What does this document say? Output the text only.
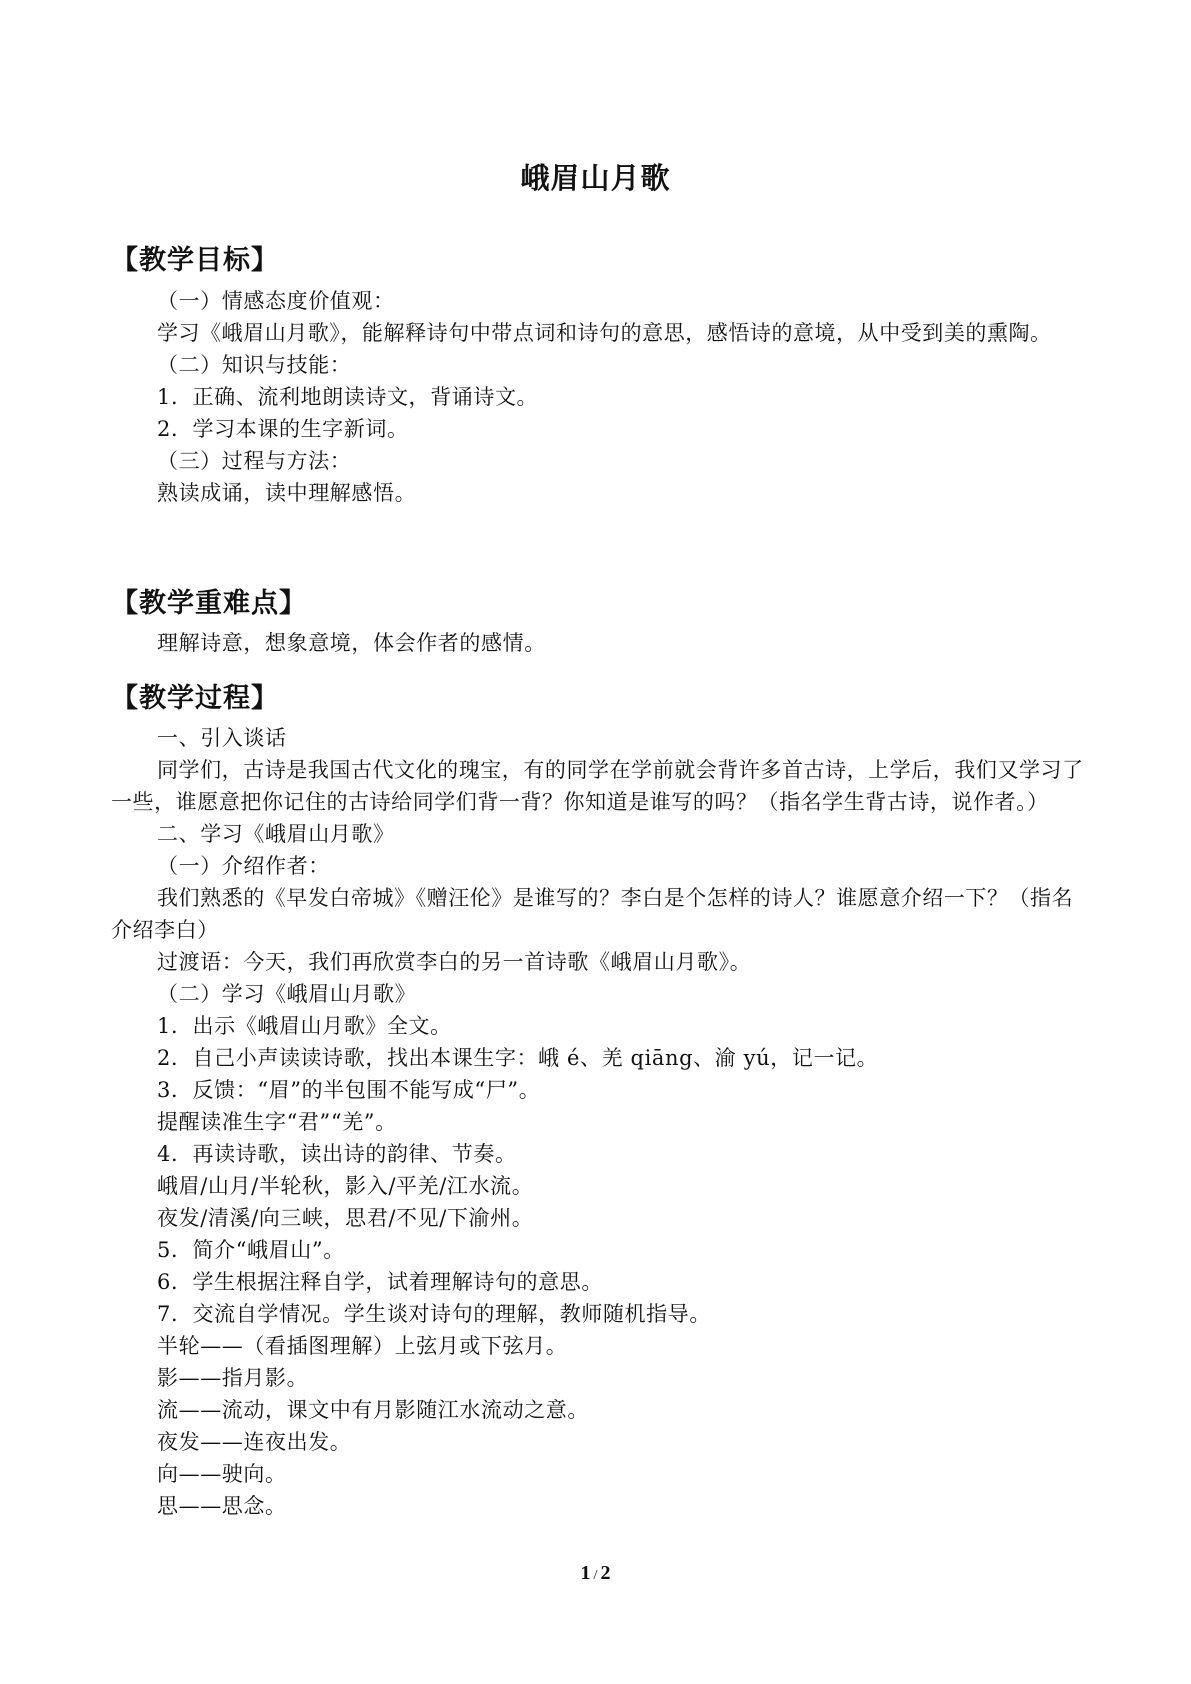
峨眉山月歌
【教学目标】

（一）情感态度价值观：

学习《峨眉山月歌》，能解释诗句中带点词和诗句的意思，感悟诗的意境，从中受到美的熏陶。

（二）知识与技能：

1．正确、流利地朗读诗文，背诵诗文。

2．学习本课的生字新词。

（三）过程与方法：

熟读成诵，读中理解感悟。

【教学重难点】

理解诗意，想象意境，体会作者的感情。

【教学过程】

一、引入谈话

同学们，古诗是我国古代文化的瑰宝，有的同学在学前就会背许多首古诗，上学后，我们又学习了一些，谁愿意把你记住的古诗给同学们背一背？你知道是谁写的吗？（指名学生背古诗，说作者。）

二、学习《峨眉山月歌》

（一）介绍作者：

我们熟悉的《早发白帝城》《赠汪伦》是谁写的？李白是个怎样的诗人？谁愿意介绍一下？（指名介绍李白）

过渡语：今天，我们再欣赏李白的另一首诗歌《峨眉山月歌》。

（二）学习《峨眉山月歌》

1．出示《峨眉山月歌》全文。

2．自己小声读读诗歌，找出本课生字：峨 é、羌 qiāng、渝 yú，记一记。

3．反馈：“眉”的半包围不能写成“尸”。

提醒读准生字“君”“羌”。

4．再读诗歌，读出诗的韵律、节奏。

峨眉/山月/半轮秋，影入/平羌/江水流。

夜发/清溪/向三峡，思君/不见/下渝州。

5．简介“峨眉山”。

6．学生根据注释自学，试着理解诗句的意思。

7．交流自学情况。学生谈对诗句的理解，教师随机指导。

半轮——（看插图理解）上弦月或下弦月。

影——指月影。

流——流动，课文中有月影随江水流动之意。

夜发——连夜出发。

向——驶向。

思——思念。

1 / 2
